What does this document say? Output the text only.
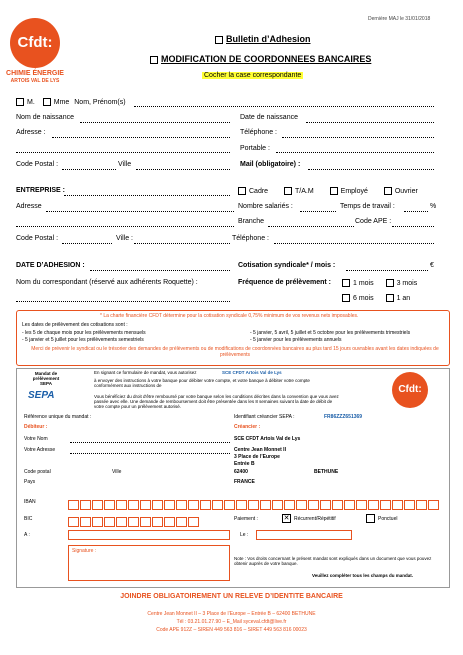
Cfdt:
CHIMIE ÉNERGIE
ARTOIS VAL DE LYS
Dernière MAJ le 31/01/2018
Bulletin d’Adhesion
MODIFICATION DE COORDONNEES BANCAIRES
Cocher la case correspondante
M.	Mme Nom, Prénom(s)
Nom de naissance	Date de naissance
Adresse :	Téléphone :
Portable :
Code Postal :	Ville	Mail (obligatoire) :
ENTREPRISE :	Cadre	T/A.M	Employé	Ouvrier
Adresse	Nombre salariés :	Temps de travail :	%
Branche	Code APE :
Code Postal :	Ville :	Téléphone :
DATE D’ADHESION :	Cotisation syndicale* / mois :	€
Nom du correspondant (réservé aux adhérents Roquette) :	Fréquence de prélèvement :	1 mois	3 mois
6 mois	1 an
* La charte financière CFDT détermine pour la cotisation syndicale 0,75% minimum de vos revenus nets imposables.
Les dates de prélèvement des cotisations sont :
- les 5 de chaque mois pour les prélèvements mensuels	- 5 janvier, 5 avril, 5 juillet et 5 octobre pour les prélèvements trimestriels
- 5 janvier et 5 juillet pour les prélèvements semestriels	- 5 janvier pour les prélèvements annuels
Merci de prévenir le syndicat ou le trésorier des demandes de prélèvements ou de modifications de coordonnées bancaires au plus tard 15 jours ouvrables avant les dates indiquées de prélèvements
Mandat de prélèvement SEPA
SEPA
En signant ce formulaire de mandat, vous autorisez	SCE CFDT Artois Val de Lys
à envoyer des instructions à votre banque pour débiter votre compte, et votre banque à débiter votre compte conformément aux instructions de
Vous bénéficiez du droit d'être remboursé par votre banque selon les conditions décrites dans la convention que vous avez passée avec elle. Une demande de remboursement doit être présentée dans les 8 semaines suivant la date de débit de votre compte pour un prélèvement autorisé.
Cfdt:
Référence unique du mandat :	Identifiant créancier SEPA :	FR86ZZZ651369
Débiteur :	Créancier :
Votre Nom	SCE CFDT Artois Val de Lys
Votre Adresse	Centre Jean Monnet II
3 Place de l’Europe
Entrée B
Code postal	Ville	62400	BETHUNE
Pays	FRANCE
IBAN
BIC	Paiement :	✕ Récurrent/Répétitif	Ponctuel
A :	Le :
Signature :
Note : Vos droits concernant le présent mandat sont expliqués dans un document que vous pouvez obtenir auprès de votre banque.
Veuillez compléter tous les champs du mandat.
JOINDRE OBLIGATOIREMENT UN RELEVE D’IDENTITE BANCAIRE
Centre Jean Monnet II – 3 Place de l’Europe – Entrée B – 62400 BETHUNE
Tél : 03.21.01.27.90 – E_Mail syceval.cfdt@live.fr
Code APE 912Z – SIREN 449 563 816 – SIRET 449 563 816 00023
